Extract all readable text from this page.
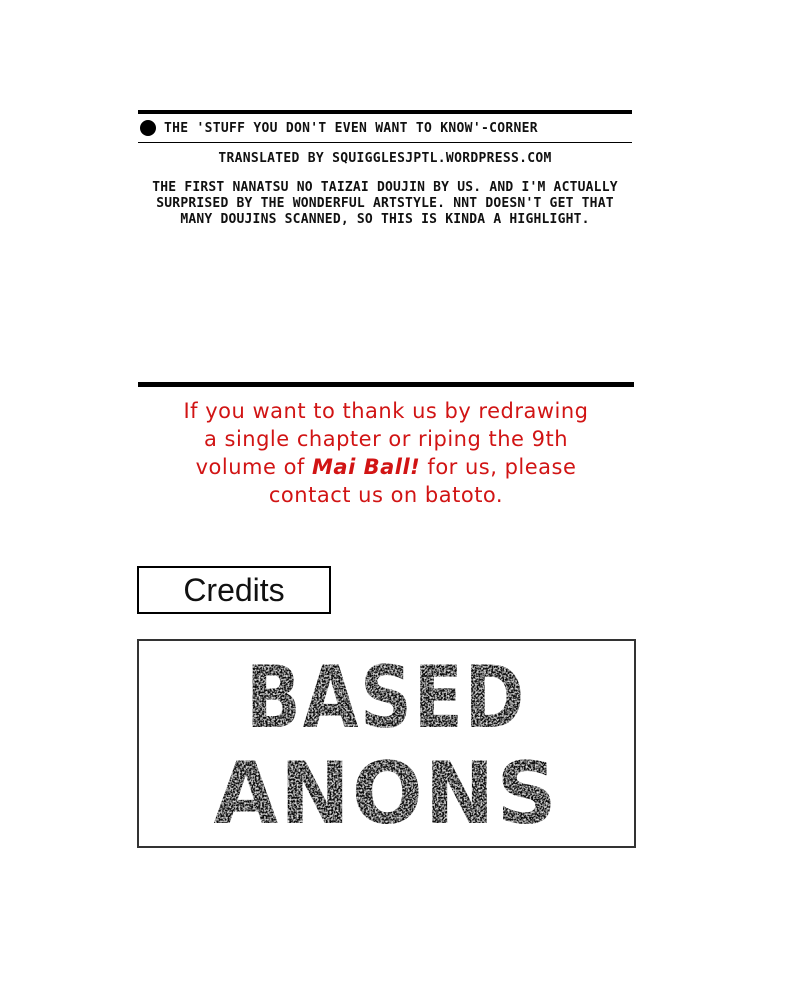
THE 'STUFF YOU DON'T EVEN WANT TO KNOW'-CORNER
TRANSLATED BY SQUIGGLESJPTL.WORDPRESS.COM
THE FIRST NANATSU NO TAIZAI DOUJIN BY US. AND I'M ACTUALLY SURPRISED BY THE WONDERFUL ARTSTYLE. NNT DOESN'T GET THAT MANY DOUJINS SCANNED, SO THIS IS KINDA A HIGHLIGHT.
If you want to thank us by redrawing
a single chapter or riping the 9th
volume of Mai Ball! for us, please
contact us on batoto.
Credits
BASED
ANONS
